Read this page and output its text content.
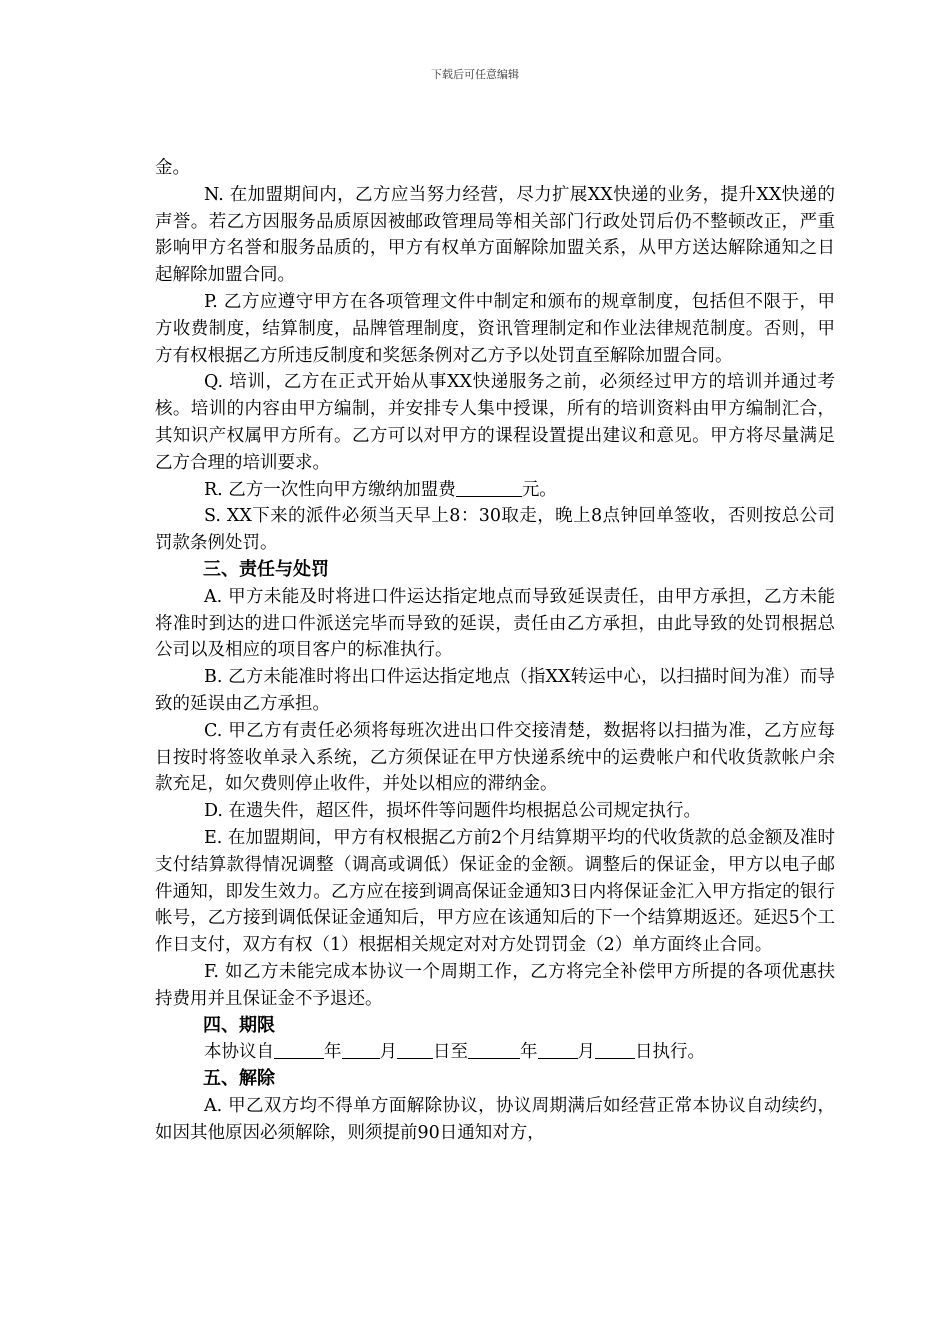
下载后可任意编辑

金。

N. 在加盟期间内，乙方应当努力经营，尽力扩展XX快递的业务，提升XX快递的声誉。若乙方因服务品质原因被邮政管理局等相关部门行政处罚后仍不整顿改正，严重影响甲方名誉和服务品质的，甲方有权单方面解除加盟关系，从甲方送达解除通知之日起解除加盟合同。

P. 乙方应遵守甲方在各项管理文件中制定和颁布的规章制度，包括但不限于，甲方收费制度，结算制度，品牌管理制度，资讯管理制定和作业法律规范制度。否则，甲方有权根据乙方所违反制度和奖惩条例对乙方予以处罚直至解除加盟合同。

Q. 培训，乙方在正式开始从事XX快递服务之前，必须经过甲方的培训并通过考核。培训的内容由甲方编制，并安排专人集中授课，所有的培训资料由甲方编制汇合，其知识产权属甲方所有。乙方可以对甲方的课程设置提出建议和意见。甲方将尽量满足乙方合理的培训要求。

R. 乙方一次性向甲方缴纳加盟费	元。

S. XX下来的派件必须当天早上8：30取走，晚上8点钟回单签收，否则按总公司罚款条例处罚。

三、责任与处罚

A. 甲方未能及时将进口件运达指定地点而导致延误责任，由甲方承担，乙方未能将准时到达的进口件派送完毕而导致的延误，责任由乙方承担，由此导致的处罚根据总公司以及相应的项目客户的标准执行。

B. 乙方未能准时将出口件运达指定地点（指XX转运中心，以扫描时间为准）而导致的延误由乙方承担。

C. 甲乙方有责任必须将每班次进出口件交接清楚，数据将以扫描为准，乙方应每日按时将签收单录入系统，乙方须保证在甲方快递系统中的运费帐户和代收货款帐户余款充足，如欠费则停止收件，并处以相应的滞纳金。

D. 在遗失件，超区件，损坏件等问题件均根据总公司规定执行。

E. 在加盟期间，甲方有权根据乙方前2个月结算期平均的代收货款的总金额及准时支付结算款得情况调整（调高或调低）保证金的金额。调整后的保证金，甲方以电子邮件通知，即发生效力。乙方应在接到调高保证金通知3日内将保证金汇入甲方指定的银行帐号，乙方接到调低保证金通知后，甲方应在该通知后的下一个结算期返还。延迟5个工作日支付，双方有权（1）根据相关规定对对方处罚罚金（2）单方面终止合同。

F. 如乙方未能完成本协议一个周期工作，乙方将完全补偿甲方所提的各项优惠扶持费用并且保证金不予退还。

四、期限

本协议自	年 月 日至	年 月 日执行。

五、解除

A. 甲乙双方均不得单方面解除协议，协议周期满后如经营正常本协议自动续约，如因其他原因必须解除，则须提前90日通知对方，
